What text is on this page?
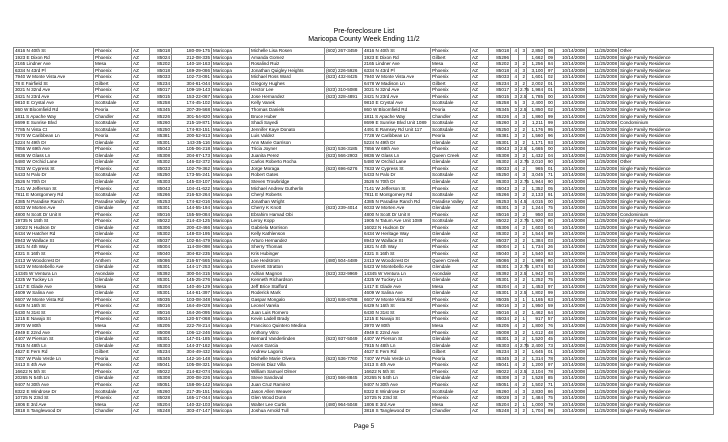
Pre-foreclosure List
Maricopa County Week Ending 11/2
4816 N 40th St	Phoenix	AZ	85018	180-09-175	Maricopa	Michelle Lisa Rosen	(602) 267-3459	4816 N 40th St	Phoenix	AZ	85018	4	3	2,850	08	10/14/2008	11/25/2008	Other
1923 E Dixon Rd	Phoenix	AZ	85024	212-08-335	Maricopa	Amanda Gomez		1923 E Dixon Rd	Gilbert	AZ	85296			1,662	09	10/14/2008	11/25/2008	Single Family Residence
2165 Lindner Ave	Mesa	AZ	85202	140-18-163	Maricopa	Rosalind Ruiz		2165 Lindner Ave	Mesa	AZ	85202	3	2	1,256	84	10/14/2008	11/25/2008	Single Family Residence
6334 N 43rd Pl	Phoenix	AZ	85018	169-29-086	Maricopa	Jonathan Quigley Heights	(602) 226-5926	6334 N 43rd Pl	Phoenix	AZ	85018	4	3	3,100	97	10/14/2008	11/25/2008	Single Family Residence
7940 W Monte Vista Ave	Phoenix	AZ	85033	102-73-091	Maricopa	Michael Ross Ward	(623) 432-8425	7940 W Monte Vista Ave	Phoenix	AZ	85033	4	2	1,601	02	10/14/2008	11/25/2008	Single Family Residence
78 E Fairfield St	Gilbert	AZ	85234	304-61-044	Maricopa	Gregory Hughes		6478 W Madison Ln	Gilbert	AZ	85234	3	2	2,002	01	10/14/2008	11/25/2008	Single Family Residence
3021 N 32nd Ave	Phoenix	AZ	85017	109-19-143	Maricopa	Hector Lee	(623) 310-5088	3021 N 32nd Ave	Phoenix	AZ	85017	3	2.75	1,984	01	10/14/2008	11/25/2008	Single Family Residence
3421 N 23rd Ave	Phoenix	AZ	85015	153-22-067	Maricopa	Jose Hernandez	(623) 328-4891	3421 N 23rd Ave	Phoenix	AZ	85015	3	2.5	1,785	00	10/14/2008	11/25/2008	Single Family Residence
9810 E Crystal Ave	Scottsdale	AZ	85258	174-45-102	Maricopa	Kelly Vanek		9810 E Crystal Ave	Scottsdale	AZ	85258	5	3	2,400	00	10/14/2008	11/25/2008	Single Family Residence
860 W Bloomfield Rd	Peoria	AZ	85345	207-39-568	Maricopa	Thomas Daniels		860 W Bloomfield Rd	Peoria	AZ	85345	3	2.5	1,850	02	10/14/2008	11/25/2008	Single Family Residence
1811 S Apache Way	Chandler	AZ	85226	301-54-820	Maricopa	Bruce Huber		1811 S Apache Way	Chandler	AZ	85226	4	3	1,860	99	10/14/2008	11/25/2008	Single Family Residence
8699 E Sunrise Blvd	Scottsdale	AZ	85260	215-19-871	Maricopa	Shadi Sayedi		8699 E Sunrise Blvd Unit 1089	Scottsdale	AZ	85260	3	2	1,211	99	10/14/2008	11/25/2008	Condominium
7785 N Vista Ct	Scottsdale	AZ	85250	174-93-151	Maricopa	Jennifer Kaye Donato		4491 E Ramsey Rd Unit 117	Scottsdale	AZ	85250	2	2	1,176	95	10/14/2008	11/25/2008	Single Family Residence
7670 W Caribbean Ln	Peoria	AZ	85381	200-52-913	Maricopa	Luis Valdez		7728 W Caribbean Ln	Peoria	AZ	85381	3	2	1,560	96	10/14/2008	11/25/2008	Single Family Residence
5224 N 49th Dr	Glendale	AZ	85301	143-35-116	Maricopa	Ann Marie Garrison		5224 N 49th Dr	Glendale	AZ	85301	3	2	1,171	93	10/14/2008	11/25/2008	Single Family Residence
7856 W 69th Ave	Phoenix	AZ	85043	105-06-218	Maricopa	Tricia Joyner	(623) 536-3185	7856 W 69th Ave	Phoenix	AZ	85043	3	2.5	1,665	00	10/14/2008	11/25/2008	Single Family Residence
9836 W Glass Ln	Glendale	AZ	85308	204-67-173	Maricopa	Juanita Perez	(623) 566-2903	9836 W Glass Ln	Queen Creek	AZ	85308	3	2	1,432	04	10/14/2008	11/25/2008	Single Family Residence
5480 W Orchid Lane	Glendale	AZ	85302	146-02-372	Maricopa	Carlos Roberto Rocha		5480 W Orchid Lane	Glendale	AZ	85302	4	2.75	2,010	90	10/14/2008	11/25/2008	Other
7833 W Cypress St	Phoenix	AZ	85033	102-79-362	Maricopa	Jorge Moraga	(623) 696-6276	7833 W Cypress St	Phoenix	AZ	85033	4	2	965	01	10/14/2008	11/25/2008	Single Family Residence
5433 N Palo Dr	Scottsdale	AZ	85250	173-55-241	Maricopa	Robert Gates		5433 N Palo Dr	Scottsdale	AZ	85250	4	3	3,045	71	10/14/2008	11/25/2008	Single Family Residence
3526 N 70th Dr	Glendale	AZ	85303	145-03-107	Maricopa	Steven Trowbridge		3526 N 70th Dr	Glendale	AZ	85303	3	2.75	1,944	90	10/14/2008	11/25/2008	Single Family Residence
7141 W Jefferson St	Phoenix	AZ	85043	104-41-622	Maricopa	Michael Andrew Gutherlin		7141 W Jefferson St	Phoenix	AZ	85043	3	2	1,352	05	10/14/2008	11/25/2008	Single Family Residence
7811 E Montgomery Rd	Scottsdale	AZ	85266	216-53-264	Maricopa	Cheryl Roberts		7811 E Montgomery Rd	Scottsdale	AZ	85266	3	2	2,133	91	10/14/2008	11/25/2008	Single Family Residence
4385 N Paradise Ranch	Paradise Valley	AZ	85253	174-62-016	Maricopa	Jonathan Wright		4385 N Paradise Ranch Rd	Paradise Valley	AZ	85253	5	4.5	4,015	00	10/14/2008	11/25/2008	Single Family Residence
6033 W Morten Ave	Glendale	AZ	85301	144-55-194	Maricopa	Cherry K Knott	(623) 239-4014	6033 W Morten Ave	Glendale	AZ	85301	3	2	1,244	75	10/14/2008	11/25/2008	Single Family Residence
4800 N Scott Dr Unit 8	Phoenix	AZ	85016	155-59-084	Maricopa	Ebrahim Hamad Obi		4800 N Scott Dr Unit 8	Phoenix	AZ	85016	3	2	950	03	10/14/2008	11/25/2008	Condominium
19735 N 15th St	Phoenix	AZ	85022	214-43-125	Maricopa	Leroy Kopp		1905 N Tatum Ave Unit 1089	Scottsdale	AZ	85022	2	2.75	1,920	80	10/14/2008	11/25/2008	Single Family Residence
16022 N Hudson Dr	Glendale	AZ	85306	200-43-466	Maricopa	Gabriela Morrison		16022 N Hudson Dr	Phoenix	AZ	85306	4	2	1,603	04	10/14/2008	11/25/2008	Single Family Residence
6434 W Hatcher Rd	Glendale	AZ	85302	148-03-195	Maricopa	Kelly Kathlenson		6434 W Heritage Way	Glendale	AZ	85302	3	2	1,544	89	10/14/2008	11/25/2008	Single Family Residence
8943 W Wallace St	Phoenix	AZ	85037	102-84-479	Maricopa	Arturo Hernandez		8943 W Wallace St	Phoenix	AZ	85037	3	2	1,384	03	10/14/2008	11/25/2008	Single Family Residence
1821 N 4th Way	Phoenix	AZ	85004	114-08-098	Maricopa	Sherry Thomas		1821 N 4th Way	Phoenix	AZ	85004	2	1	1,734	26	10/14/2008	11/25/2008	Single Family Residence
4321 S 16th St	Phoenix	AZ	85040	304-82-235	Maricopa	Kris Hubinger		4321 S 16th St	Phoenix	AZ	85040	3	2	1,540	63	10/14/2008	11/25/2008	Single Family Residence
2413 W Woodcrest Dr	Anthem	AZ	85086	216-57-565	Maricopa	Lee Hedstrom	(480) 504-4489	2413 W Woodcrest Dr	Queen Creek	AZ	85086	3	2	1,989	90	10/14/2008	11/25/2008	Single Family Residence
5423 W Montebello Ave	Glendale	AZ	85301	144-17-253	Maricopa	Everett Stratton		5423 W Montebello Ave	Glendale	AZ	85301	3	2.75	1,874	93	10/14/2008	11/25/2008	Single Family Residence
14345 W Ventura Ln	Avondale	AZ	85392	300-04-315	Maricopa	Adrian Magnon	(623) 332-9969	14345 W Ventura Ln	Avondale	AZ	85392	3	2.5	1,942	03	10/14/2008	11/25/2008	Single Family Residence
4325 W Tuckey Ln	Glendale	AZ	85301	145-25-276	Maricopa	Kenneth Richardson		4325 W Tuckey Ln	Glendale	AZ	85301	3	2	1,252	75	10/14/2008	11/25/2008	Single Family Residence
1417 E Glade Ave	Mesa	AZ	85204	140-46-129	Maricopa	Jeff Brice Stafford		1417 E Glade Ave	Mesa	AZ	85204	4	2	1,453	97	10/14/2008	11/25/2008	Single Family Residence
4609 W Salina Ave	Glendale	AZ	85301	144-61-397	Maricopa	Roderick Mark		4609 W Salina Ave	Glendale	AZ	85301	3	2.5	1,802	99	10/14/2008	11/25/2008	Single Family Residence
6607 W Monte Vista Rd	Phoenix	AZ	85035	103-08-348	Maricopa	Gaspar Mongalo	(623) 846-8788	6607 W Monte Vista Rd	Phoenix	AZ	85035	3	1	1,165	63	10/14/2008	11/25/2008	Single Family Residence
6429 N 16th St	Phoenix	AZ	85016	164-49-028	Maricopa	Leonel Varela		6429 N 16th St	Phoenix	AZ	85016	3	2	1,950	59	10/14/2008	11/25/2008	Single Family Residence
6430 N 31st St	Phoenix	AZ	85016	164-26-095	Maricopa	Juan Luis Romero		6430 N 31st St	Phoenix	AZ	85016	4	2	1,462	64	10/14/2008	11/25/2008	Single Family Residence
1215 E Navajo St	Phoenix	AZ	85034	120-57-068	Maricopa	Kevin Ladell Brady		1215 E Navajo St	Phoenix	AZ	85034	2	1	917	57	10/14/2008	11/25/2008	Single Family Residence
3970 W 80th	Mesa	AZ	85205	222-78-214	Maricopa	Francisco Quintero Medina		3970 W 80th	Mesa	AZ	85205	4	2	1,800	76	10/14/2008	11/25/2008	Single Family Residence
4949 E 22nd Ave	Phoenix	AZ	85008	106-12-246	Maricopa	Anthony Vitro		4949 E 22nd Ave	Phoenix	AZ	85008	3	2	1,612	48	10/14/2008	11/25/2008	Single Family Residence
4407 W Pierson St	Glendale	AZ	85301	147-01-185	Maricopa	Bernard Vanderlinden	(623) 937-5049	4407 W Pierson St	Glendale	AZ	85301	3	2	1,520	45	10/14/2008	11/25/2008	Single Family Residence
7915 N 48th Ln	Glendale	AZ	85303	144-37-162	Maricopa	Aaron Garcia		7915 N 48th Ln	Glendale	AZ	85303	4	2.75	2,400	73	10/14/2008	11/25/2008	Single Family Residence
4627 E Fern Rd	Gilbert	AZ	85234	304-49-432	Maricopa	Andrew Lagorio		4627 E Fern Rd	Gilbert	AZ	85234	3	2	1,645	01	10/14/2008	11/25/2008	Single Family Residence
7407 W Palo Verde Ln	Peoria	AZ	85345	142-16-148	Maricopa	Michelle Marie Olvera	(623) 536-7760	7407 W Palo Verde Ln	Peoria	AZ	85345	3	2	1,314	78	10/14/2008	11/25/2008	Single Family Residence
3413 S 4th Ave	Phoenix	AZ	85041	105-08-321	Maricopa	Dennis Diaz Villa		3413 S 4th Ave	Phoenix	AZ	85041	4	2	1,200	97	10/14/2008	11/25/2008	Single Family Residence
16622 N 5th St	Phoenix	AZ	85022	214-82-074	Maricopa	William Samuel Olmer		16622 N 5th St	Phoenix	AZ	85022	4	2.5	2,104	78	10/14/2008	11/25/2008	Single Family Residence
20265 N 54th Ln	Glendale	AZ	85308	200-08-226	Maricopa	Steve Sandoval	(623) 566-8845	20265 N 54th Ln	Glendale	AZ	85308	3	2	1,528	85	10/14/2008	11/25/2008	Single Family Residence
9407 N 30th Ave	Phoenix	AZ	85051	158-06-142	Maricopa	Juan Cruz Ramirez		9407 N 30th Ave	Phoenix	AZ	85051	4	2	1,502	71	10/14/2008	11/25/2008	Single Family Residence
8322 E Windrose Dr	Scottsdale	AZ	85260	217-35-151	Maricopa	Jason Allen Weaver		8322 E Windrose Dr	Scottsdale	AZ	85260	4	3	2,830	86	10/14/2008	11/25/2008	Single Family Residence
10725 N 23rd St	Phoenix	AZ	85028	165-17-044	Maricopa	Glen Wood Dunn		10725 N 23rd St	Phoenix	AZ	85028	3	2	1,484	75	10/14/2008	11/25/2008	Single Family Residence
1806 E 3rd Ave	Mesa	AZ	85204	140-32-103	Maricopa	Walter Lee Curtis	(480) 964-5048	1806 E 3rd Ave	Mesa	AZ	85204	2	1	1,000	79	10/14/2008	11/25/2008	Single Family Residence
3818 S Tanglewood Dr	Chandler	AZ	85248	303-47-147	Maricopa	Joshua Arnold Tull		3818 S Tanglewood Dr	Chandler	AZ	85248	3	2	1,704	99	10/14/2008	11/25/2008	Single Family Residence
Page 5
